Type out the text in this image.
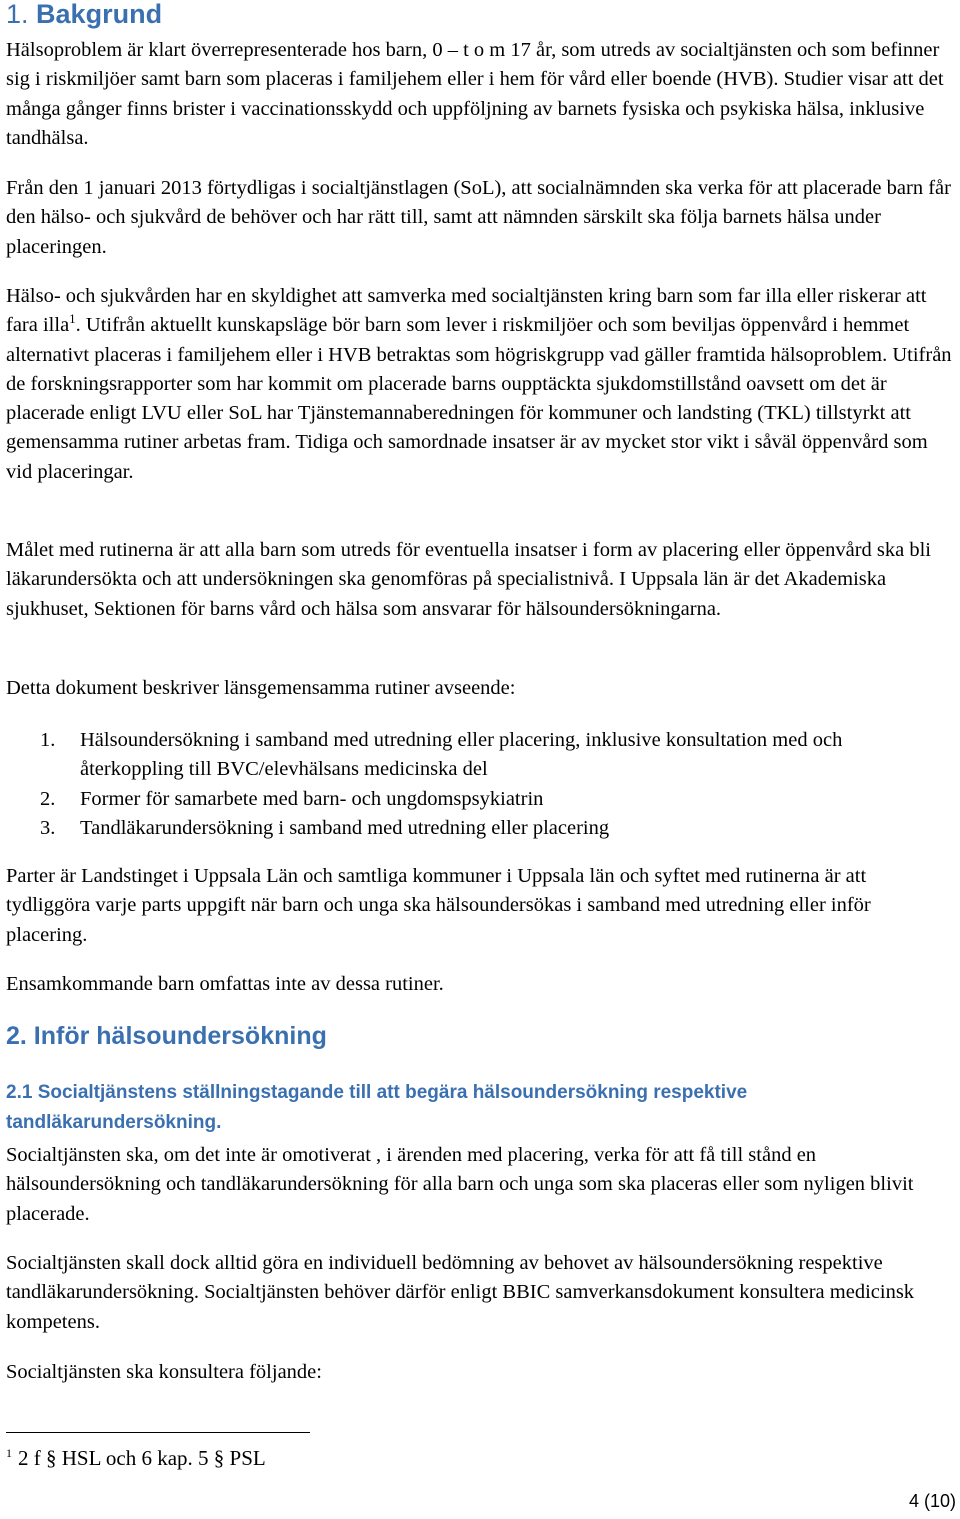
1. Bakgrund

Hälsoproblem är klart överrepresenterade hos barn, 0 – t o m 17 år, som utreds av socialtjänsten och som befinner sig i riskmiljöer samt barn som placeras i familjehem eller i hem för vård eller boende (HVB). Studier visar att det många gånger finns brister i vaccinationsskydd och uppföljning av barnets fysiska och psykiska hälsa, inklusive tandhälsa.

Från den 1 januari 2013 förtydligas i socialtjänstlagen (SoL), att socialnämnden ska verka för att placerade barn får den hälso- och sjukvård de behöver och har rätt till, samt att nämnden särskilt ska följa barnets hälsa under placeringen.

Hälso- och sjukvården har en skyldighet att samverka med socialtjänsten kring barn som far illa eller riskerar att fara illa$^1$. Utifrån aktuellt kunskapsläge bör barn som lever i riskmiljöer och som beviljas öppenvård i hemmet alternativt placeras i familjehem eller i HVB betraktas som högriskgrupp vad gäller framtida hälsoproblem. Utifrån de forskningsrapporter som har kommit om placerade barns oupptäckta sjukdomstillstånd oavsett om det är placerade enligt LVU eller SoL har Tjänstemannaberedningen för kommuner och landsting (TKL) tillstyrkt att gemensamma rutiner arbetas fram. Tidiga och samordnade insatser är av mycket stor vikt i såväl öppenvård som vid placeringar.

Målet med rutinerna är att alla barn som utreds för eventuella insatser i form av placering eller öppenvård ska bli läkarundersökta och att undersökningen ska genomföras på specialistnivå. I Uppsala län är det Akademiska sjukhuset, Sektionen för barns vård och hälsa som ansvarar för hälsoundersökningarna.

Detta dokument beskriver länsgemensamma rutiner avseende:

1. Hälsoundersökning i samband med utredning eller placering, inklusive konsultation med och återkoppling till BVC/elevhälsans medicinska del
2. Former för samarbete med barn- och ungdomspsykiatrin
3. Tandläkarundersökning i samband med utredning eller placering

Parter är Landstinget i Uppsala Län och samtliga kommuner i Uppsala län och syftet med rutinerna är att tydliggöra varje parts uppgift när barn och unga ska hälsoundersökas i samband med utredning eller inför placering.

Ensamkommande barn omfattas inte av dessa rutiner.

2. Inför hälsoundersökning
2.1 Socialtjänstens ställningstagande till att begära hälsoundersökning respektive tandläkarundersökning.

Socialtjänsten ska, om det inte är omotiverat , i ärenden med placering, verka för att få till stånd en hälsoundersökning och tandläkarundersökning för alla barn och unga som ska placeras eller som nyligen blivit placerade.

Socialtjänsten skall dock alltid göra en individuell bedömning av behovet av hälsoundersökning respektive tandläkarundersökning. Socialtjänsten behöver därför enligt BBIC samverkansdokument konsultera medicinsk kompetens.

Socialtjänsten ska konsultera följande:

$^1$ 2 f § HSL och 6 kap. 5 § PSL

4 (10)
